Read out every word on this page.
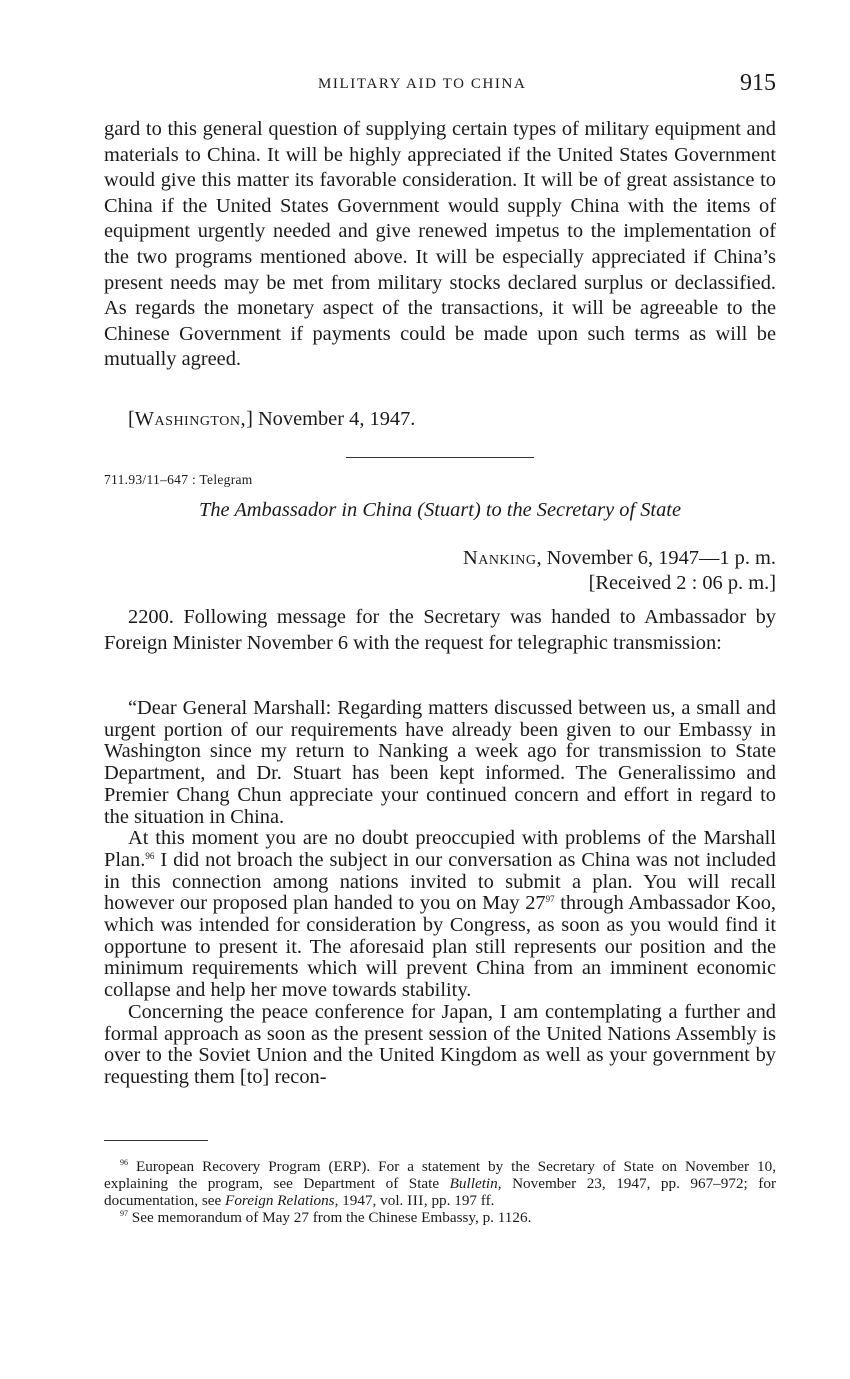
MILITARY AID TO CHINA	915

gard to this general question of supplying certain types of military equipment and materials to China. It will be highly appreciated if the United States Government would give this matter its favorable consideration. It will be of great assistance to China if the United States Government would supply China with the items of equipment urgently needed and give renewed impetus to the implementation of the two programs mentioned above. It will be especially appreciated if China’s present needs may be met from military stocks declared surplus or declassified. As regards the monetary aspect of the transactions, it will be agreeable to the Chinese Government if payments could be made upon such terms as will be mutually agreed.

[Washington,] November 4, 1947.
711.93/11–647 : Telegram
The Ambassador in China (Stuart) to the Secretary of State
Nanking, November 6, 1947—1 p. m.
[Received 2 : 06 p. m.]

2200. Following message for the Secretary was handed to Ambassador by Foreign Minister November 6 with the request for telegraphic transmission:

“Dear General Marshall: Regarding matters discussed between us, a small and urgent portion of our requirements have already been given to our Embassy in Washington since my return to Nanking a week ago for transmission to State Department, and Dr. Stuart has been kept informed. The Generalissimo and Premier Chang Chun appreciate your continued concern and effort in regard to the situation in China.

At this moment you are no doubt preoccupied with problems of the Marshall Plan.$^{96}$ I did not broach the subject in our conversation as China was not included in this connection among nations invited to submit a plan. You will recall however our proposed plan handed to you on May $27^{97}$ through Ambassador Koo, which was intended for consideration by Congress, as soon as you would find it opportune to present it. The aforesaid plan still represents our position and the minimum requirements which will prevent China from an imminent economic collapse and help her move towards stability.

Concerning the peace conference for Japan, I am contemplating a further and formal approach as soon as the present session of the United Nations Assembly is over to the Soviet Union and the United Kingdom as well as your government by requesting them [to] recon-

$^{96}$ European Recovery Program (ERP). For a statement by the Secretary of State on November 10, explaining the program, see Department of State Bulletin, November 23, 1947, pp. 967–972; for documentation, see Foreign Relations, 1947, vol. III, pp. 197 ff.

$^{97}$ See memorandum of May 27 from the Chinese Embassy, p. 1126.
